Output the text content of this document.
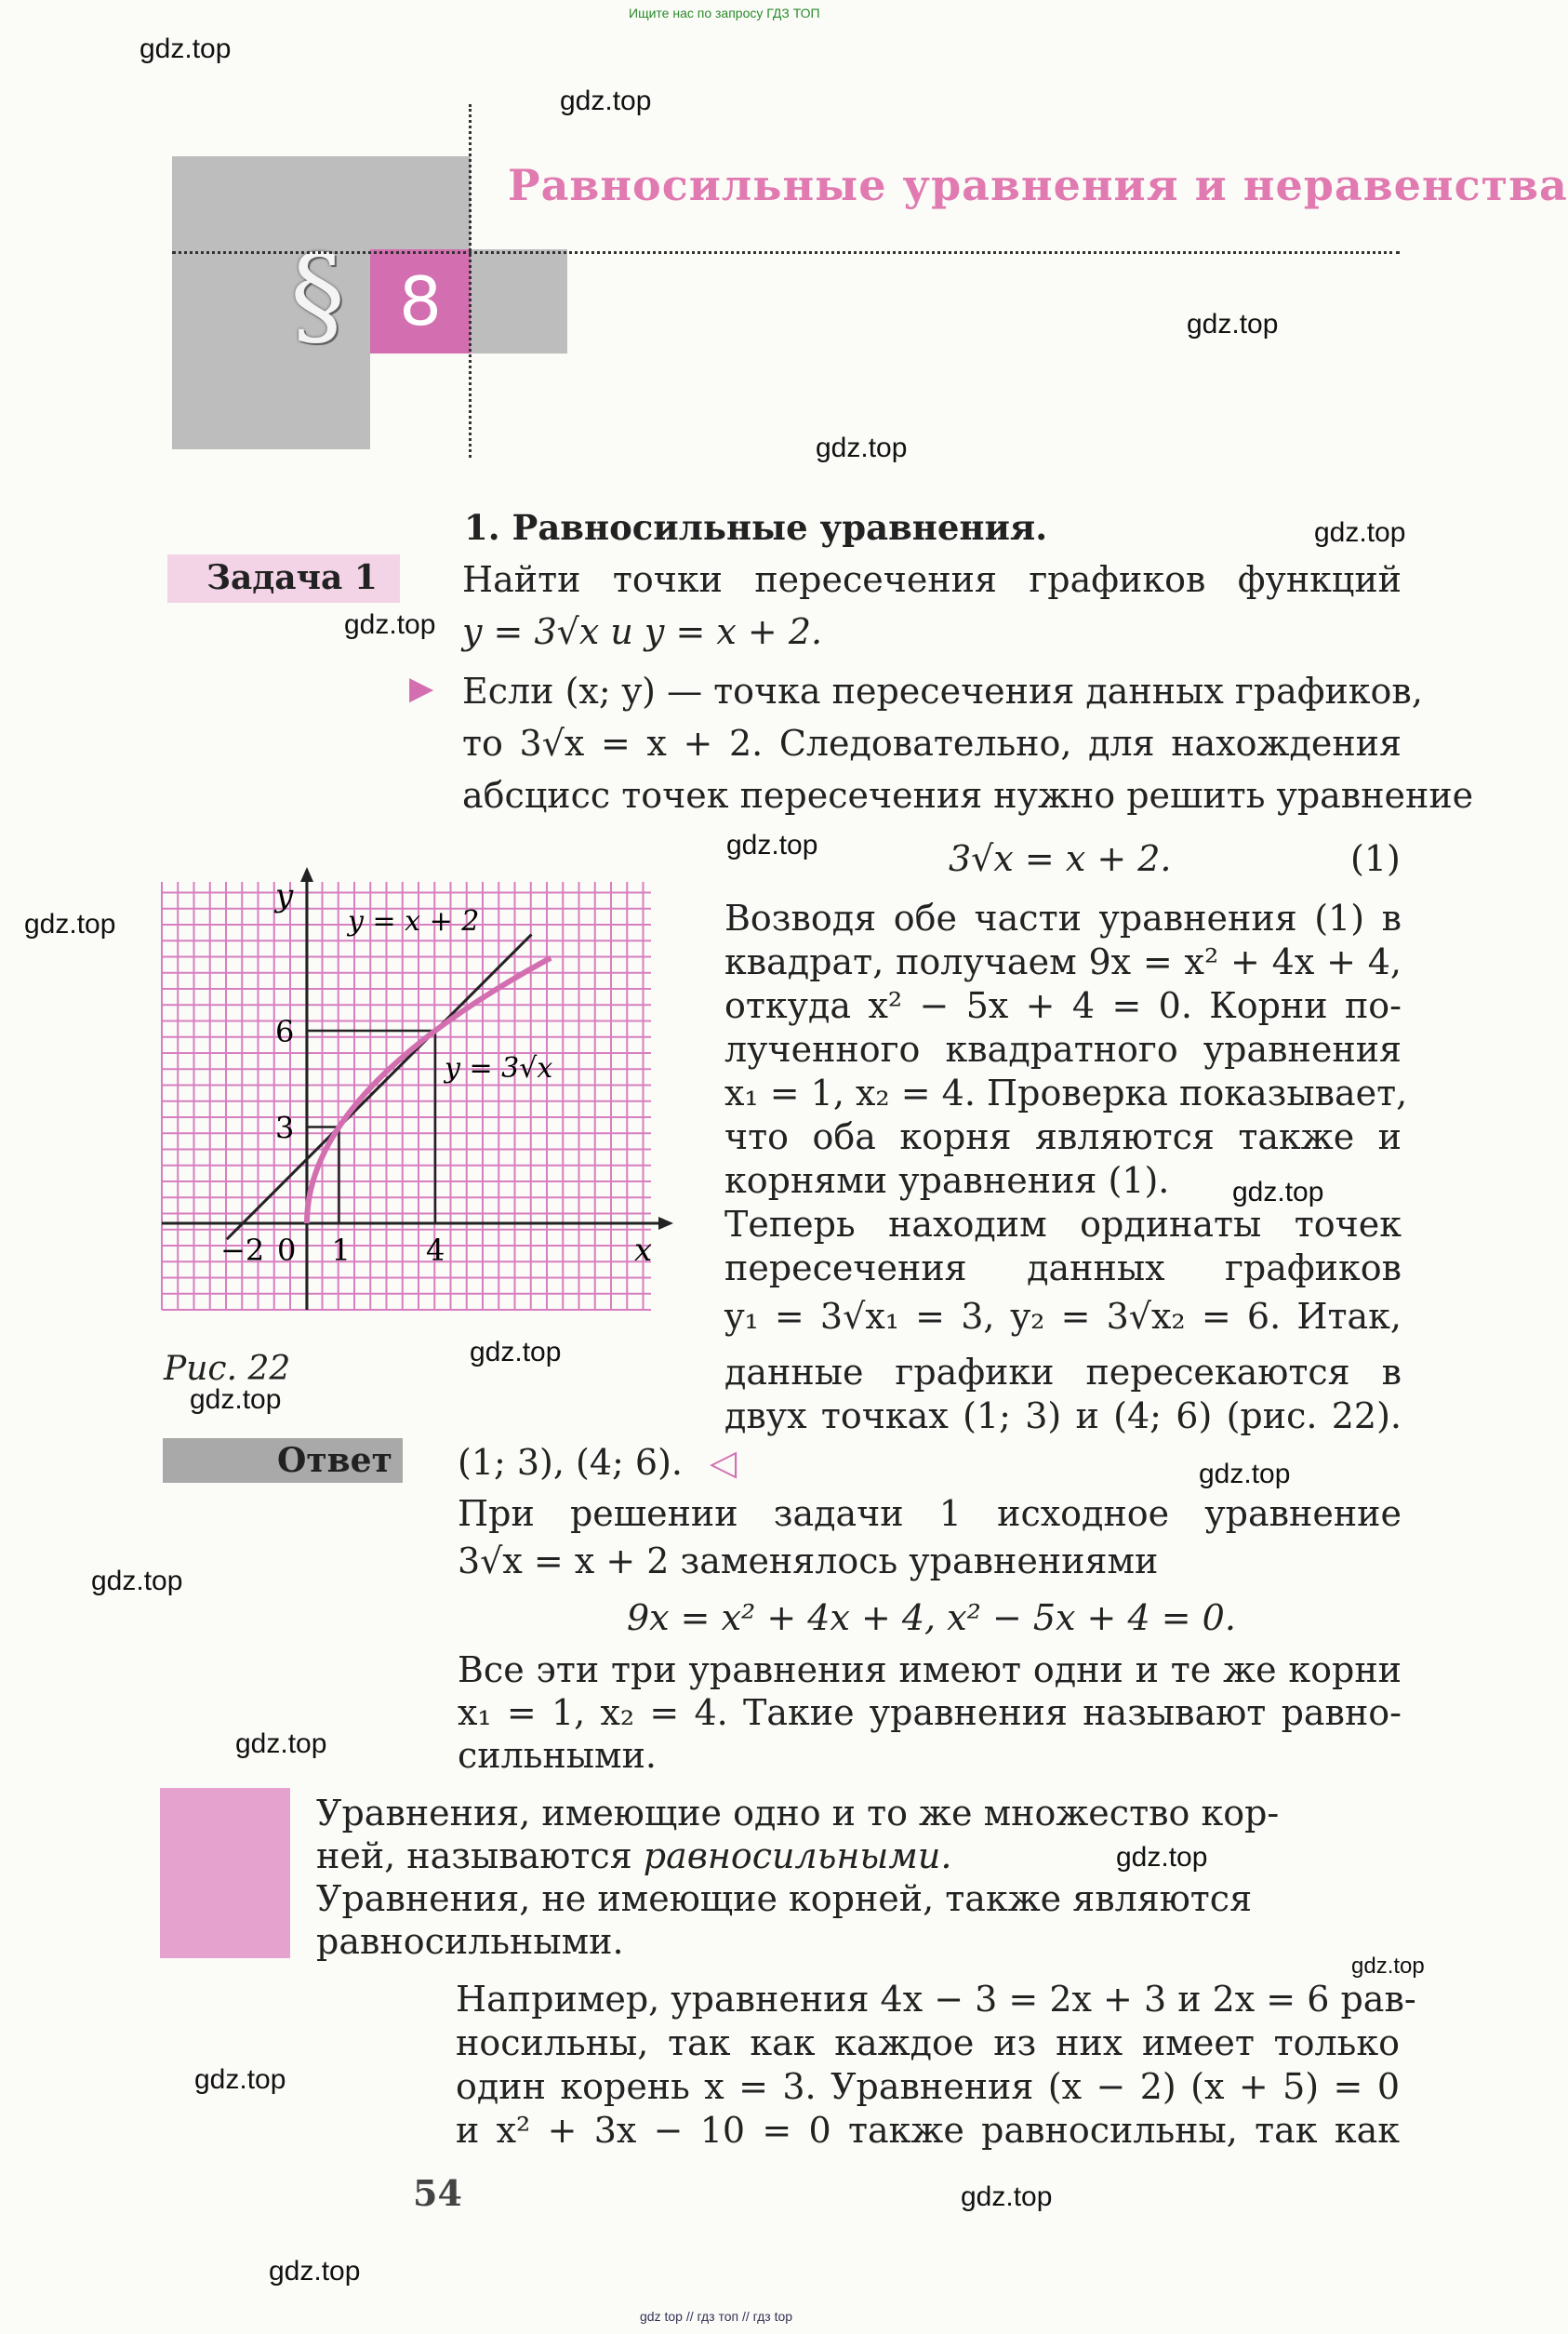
Ищите нас по запросу ГДЗ ТОП
gdz.top
gdz.top
gdz.top
gdz.top
gdz.top
gdz.top
gdz.top
gdz.top
gdz.top
gdz.top
gdz.top
gdz.top
gdz.top
gdz.top
gdz.top
gdz.top
gdz.top
gdz.top
gdz.top
gdz top // гдз топ // гдз top
8
§
Равносильные уравнения и неравенства
1. Равносильные уравнения.
Задача 1 Найти точки пересечения графиков функций
y = 3√x и y = x + 2.
▶ Если (x; y) — точка пересечения данных графиков,
то 3√x = x + 2. Следовательно, для нахождения
абсцисс точек пересечения нужно решить уравнение
3√x = x + 2.	(1)
Возводя обе части уравнения (1) в
квадрат, получаем 9x = x² + 4x + 4,
откуда x² − 5x + 4 = 0. Корни по-
лученного квадратного уравнения
x₁ = 1, x₂ = 4. Проверка показывает,
что оба корня являются также и
корнями уравнения (1).
Теперь находим ординаты точек
пересечения данных графиков
y₁ = 3√x₁ = 3, y₂ = 3√x₂ = 6. Итак,
данные графики пересекаются в
двух точках (1; 3) и (4; 6) (рис. 22).
y
x
y = x + 2
y = 3√x
−2 0 1	4
3
6
Рис. 22
Ответ (1; 3), (4; 6). ◁
При решении задачи 1 исходное уравнение
3√x = x + 2 заменялось уравнениями
9x = x² + 4x + 4, x² − 5x + 4 = 0.
Все эти три уравнения имеют одни и те же корни
x₁ = 1, x₂ = 4. Такие уравнения называют равно-
сильными.
Уравнения, имеющие одно и то же множество кор-
ней, называются равносильными.
Уравнения, не имеющие корней, также являются
равносильными.
Например, уравнения 4x − 3 = 2x + 3 и 2x = 6 рав-
носильны, так как каждое из них имеет только
один корень x = 3. Уравнения (x − 2) (x + 5) = 0
и x² + 3x − 10 = 0 также равносильны, так как
54
